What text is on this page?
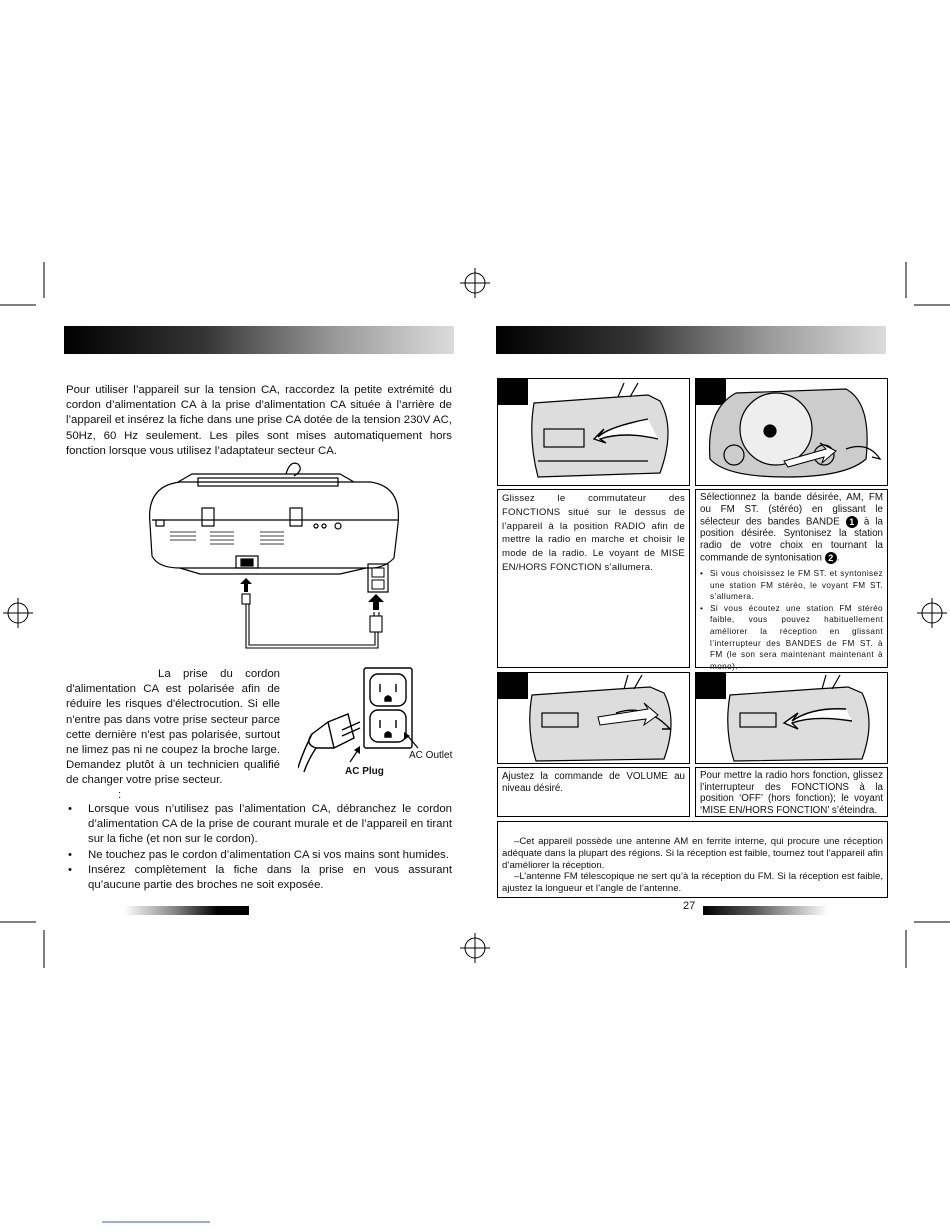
Pour utiliser l’appareil sur la tension CA, raccordez la petite extrémité du cordon d’alimentation CA à la prise d’alimentation CA située à l’arrière de l’appareil et insérez la fiche dans une prise CA dotée de la tension 230V AC, 50Hz, 60 Hz seulement. Les piles sont mises automatiquement hors fonction lorsque vous utilisez l’adaptateur secteur CA.
La prise du cordon d'alimentation CA est polarisée afin de réduire les risques d'électrocution. Si elle n'entre pas dans votre prise secteur parce cette dernière n'est pas polarisée, surtout ne limez pas ni ne coupez la broche large. Demandez plutôt à un technicien qualifié de changer votre prise secteur.
AC Outlet
AC Plug
:
• Lorsque vous n’utilisez pas l’alimentation CA, débranchez le cordon d’alimentation CA de la prise de courant murale et de l’appareil en tirant sur la fiche (et non sur le cordon).
• Ne touchez pas le cordon d’alimentation CA si vos mains sont humides.
• Insérez complètement la fiche dans la prise en vous assurant qu’aucune partie des broches ne soit exposée.
Glissez le commutateur des FONCTIONS situé sur le dessus de l’appareil à la position RADIO afin de mettre la radio en marche et choisir le mode de la radio. Le voyant de MISE EN/HORS FONCTION s’allumera.
Sélectionnez la bande désirée, AM, FM ou FM ST. (stéréo) en glissant le sélecteur des bandes BANDE 1 à la position désirée. Syntonisez la station radio de votre choix en tournant la commande de syntonisation 2 .
• Si vous choisissez le FM ST. et syntonisez une station FM stéréo, le voyant FM ST. s’allumera.
• Si vous écoutez une station FM stéréo faible, vous pouvez habituellement améliorer la réception en glissant l’interrupteur des BANDES de FM ST. à FM (le son sera maintenant maintenant à mono).
Ajustez la commande de VOLUME au niveau désiré.
Pour mettre la radio hors fonction, glissez l’interrupteur des FONCTIONS à la position ‘OFF’ (hors fonction); le voyant ‘MISE EN/HORS FONCTION’ s’éteindra.
–Cet appareil possède une antenne AM en ferrite interne, qui procure une réception adéquate dans la plupart des régions. Si la réception est faible, tournez tout l’appareil afin d’améliorer la réception.
–L’antenne FM télescopique ne sert qu’à la réception du FM. Si la réception est faible, ajustez la longueur et l’angle de l’antenne.
27
